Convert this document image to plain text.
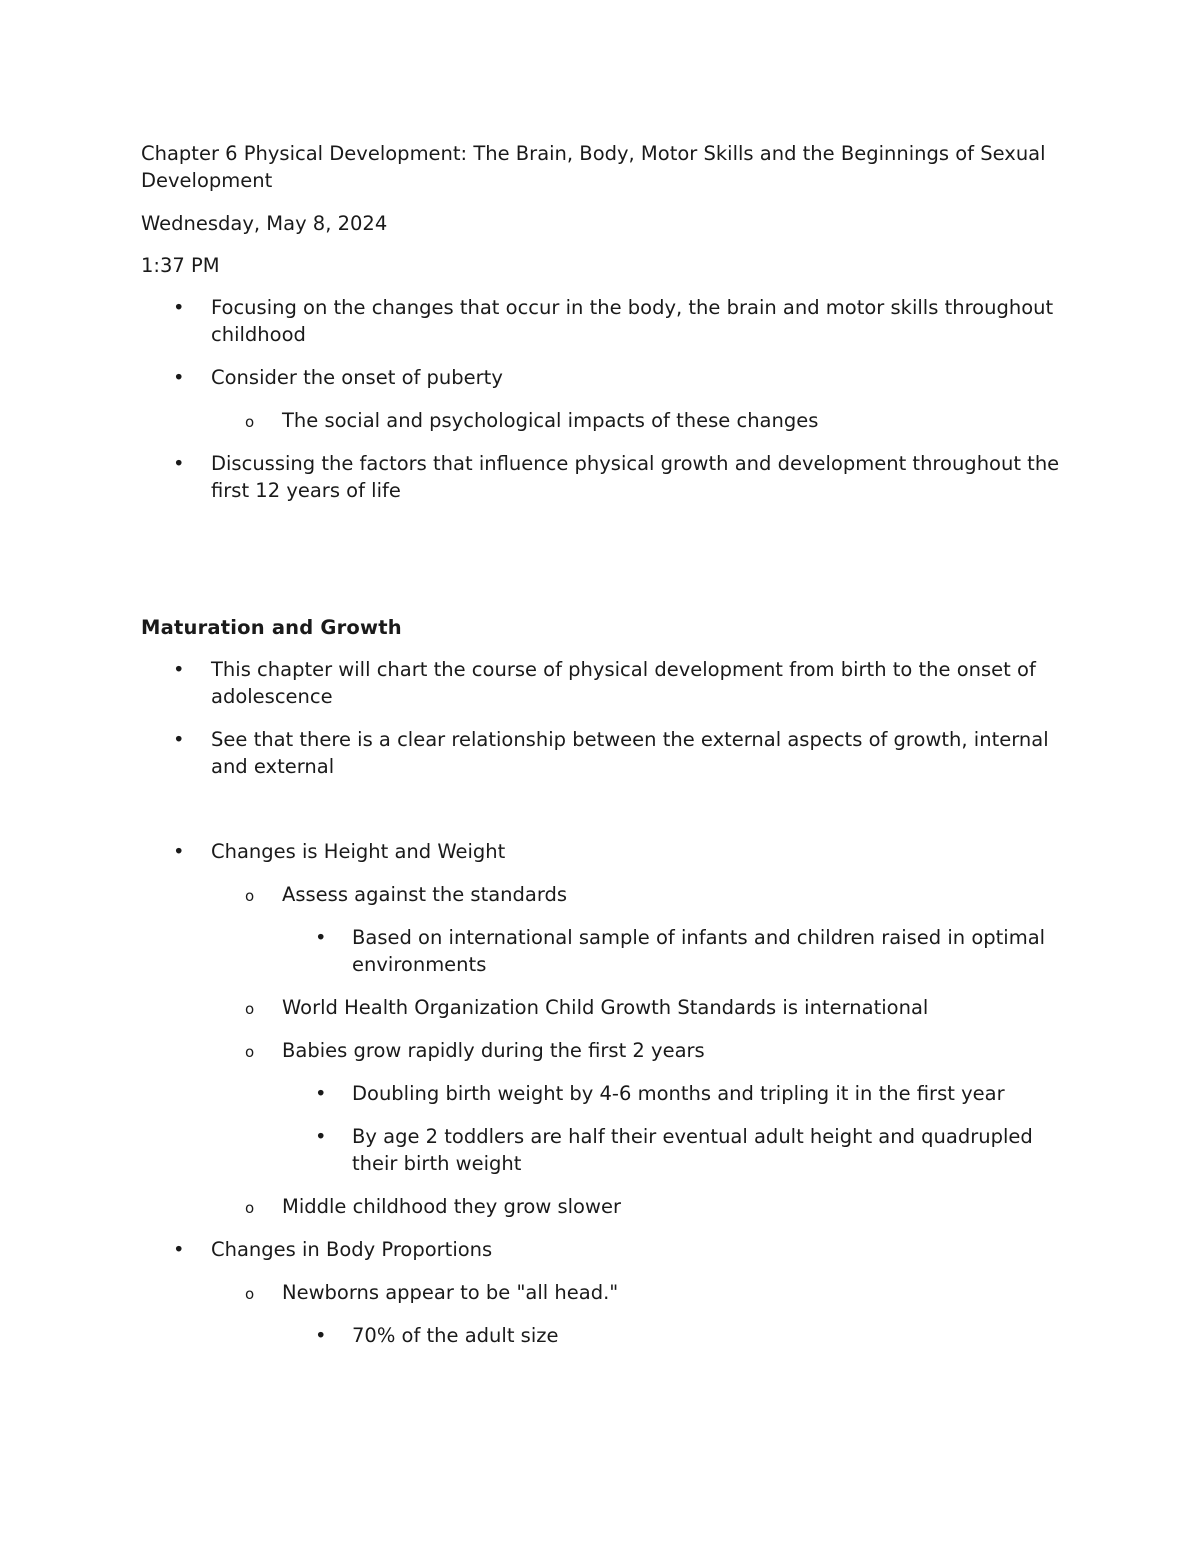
Chapter 6 Physical Development: The Brain, Body, Motor Skills and the Beginnings of Sexual Development

Wednesday, May 8, 2024

1:37 PM

• Focusing on the changes that occur in the body, the brain and motor skills throughout childhood
• Consider the onset of puberty
o The social and psychological impacts of these changes
• Discussing the factors that influence physical growth and development throughout the first 12 years of life
Maturation and Growth
• This chapter will chart the course of physical development from birth to the onset of adolescence
• See that there is a clear relationship between the external aspects of growth, internal and external
• Changes is Height and Weight
o Assess against the standards
• Based on international sample of infants and children raised in optimal environments
o World Health Organization Child Growth Standards is international
o Babies grow rapidly during the first 2 years
• Doubling birth weight by 4-6 months and tripling it in the first year
• By age 2 toddlers are half their eventual adult height and quadrupled their birth weight
o Middle childhood they grow slower
• Changes in Body Proportions
o Newborns appear to be "all head."
• 70% of the adult size
